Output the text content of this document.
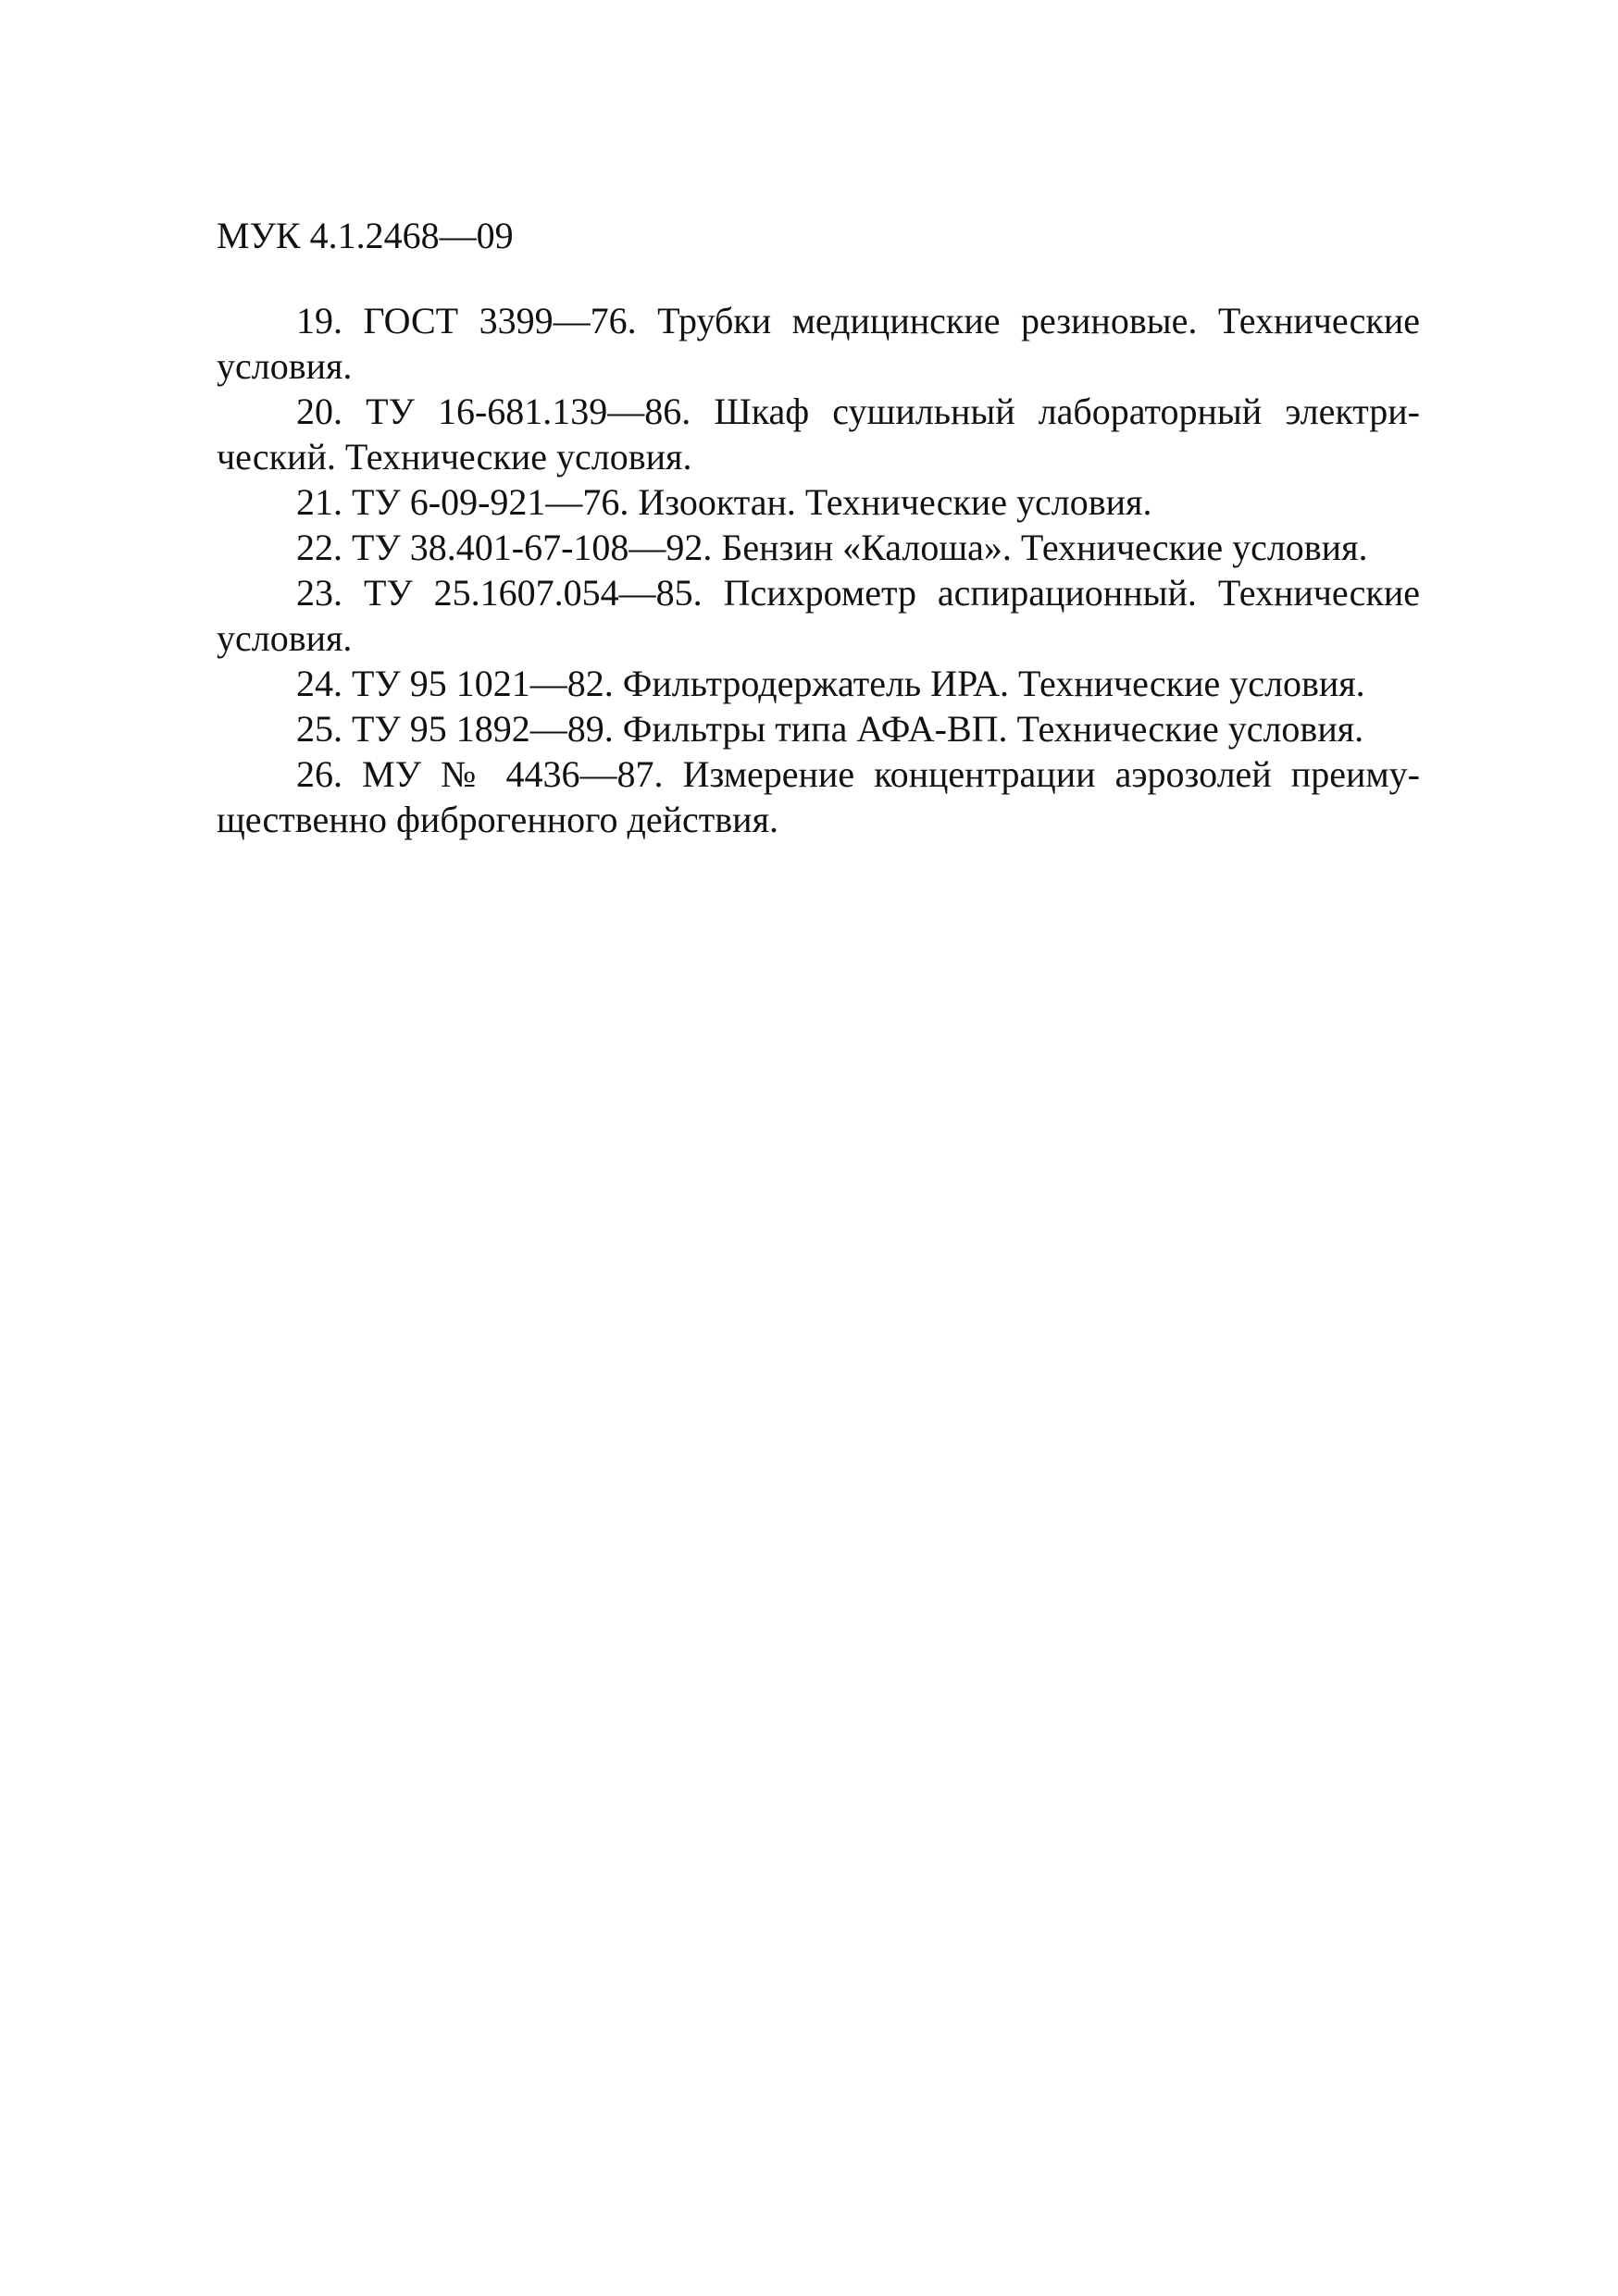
МУК 4.1.2468—09

19. ГОСТ 3399—76. Трубки медицинские резиновые. Технические
условия.

20. ТУ 16-681.139—86. Шкаф сушильный лабораторный электри-
ческий. Технические условия.

21. ТУ 6-09-921—76. Изооктан. Технические условия.

22. ТУ 38.401-67-108—92. Бензин «Калоша». Технические условия.

23. ТУ 25.1607.054—85. Психрометр аспирационный. Технические
условия.

24. ТУ 95 1021—82. Фильтродержатель ИРА. Технические условия.

25. ТУ 95 1892—89. Фильтры типа АФА-ВП. Технические условия.

26. МУ № 4436—87. Измерение концентрации аэрозолей преиму-
щественно фиброгенного действия.
